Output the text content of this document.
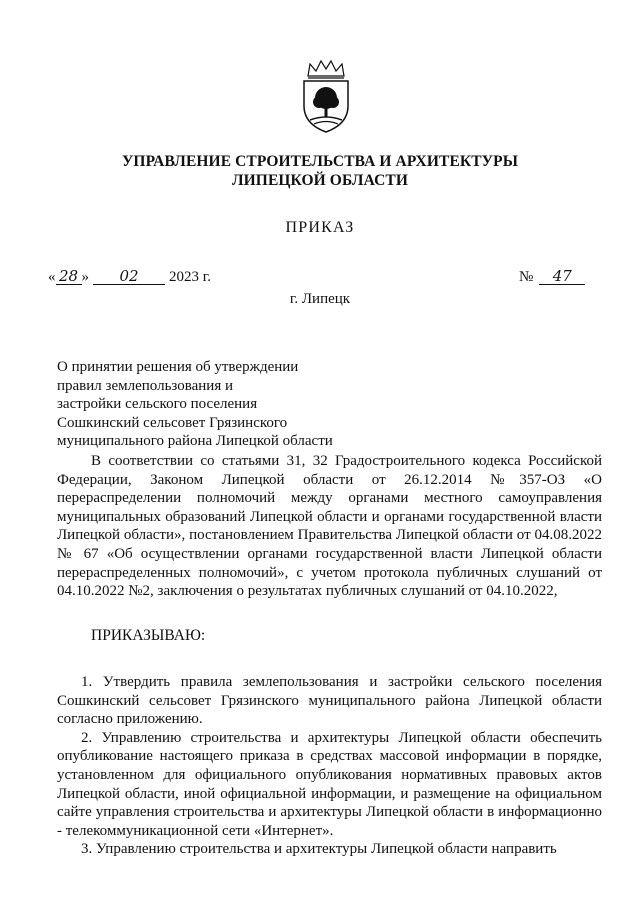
УПРАВЛЕНИЕ СТРОИТЕЛЬСТВА И АРХИТЕКТУРЫ
ЛИПЕЦКОЙ ОБЛАСТИ
ПРИКАЗ
« 28 » 02 2023 г.	№ 47
г. Липецк
О принятии решения об утверждении
правил землепользования и
застройки сельского поселения
Сошкинский сельсовет Грязинского
муниципального района Липецкой области
В соответствии со статьями 31, 32 Градостроительного кодекса Российской Федерации, Законом Липецкой области от 26.12.2014 №357-ОЗ «О перераспределении полномочий между органами местного самоуправления муниципальных образований Липецкой области и органами государственной власти Липецкой области», постановлением Правительства Липецкой области от 04.08.2022 № 67 «Об осуществлении органами государственной власти Липецкой области перераспределенных полномочий», с учетом протокола публичных слушаний от 04.10.2022 №2, заключения о результатах публичных слушаний от 04.10.2022,
ПРИКАЗЫВАЮ:

1. Утвердить правила землепользования и застройки сельского поселения Сошкинский сельсовет Грязинского муниципального района Липецкой области согласно приложению.

2. Управлению строительства и архитектуры Липецкой области обеспечить опубликование настоящего приказа в средствах массовой информации в порядке, установленном для официального опубликования нормативных правовых актов Липецкой области, иной официальной информации, и размещение на официальном сайте управления строительства и архитектуры Липецкой области в информационно - телекоммуникационной сети «Интернет».

3. Управлению строительства и архитектуры Липецкой области направить
